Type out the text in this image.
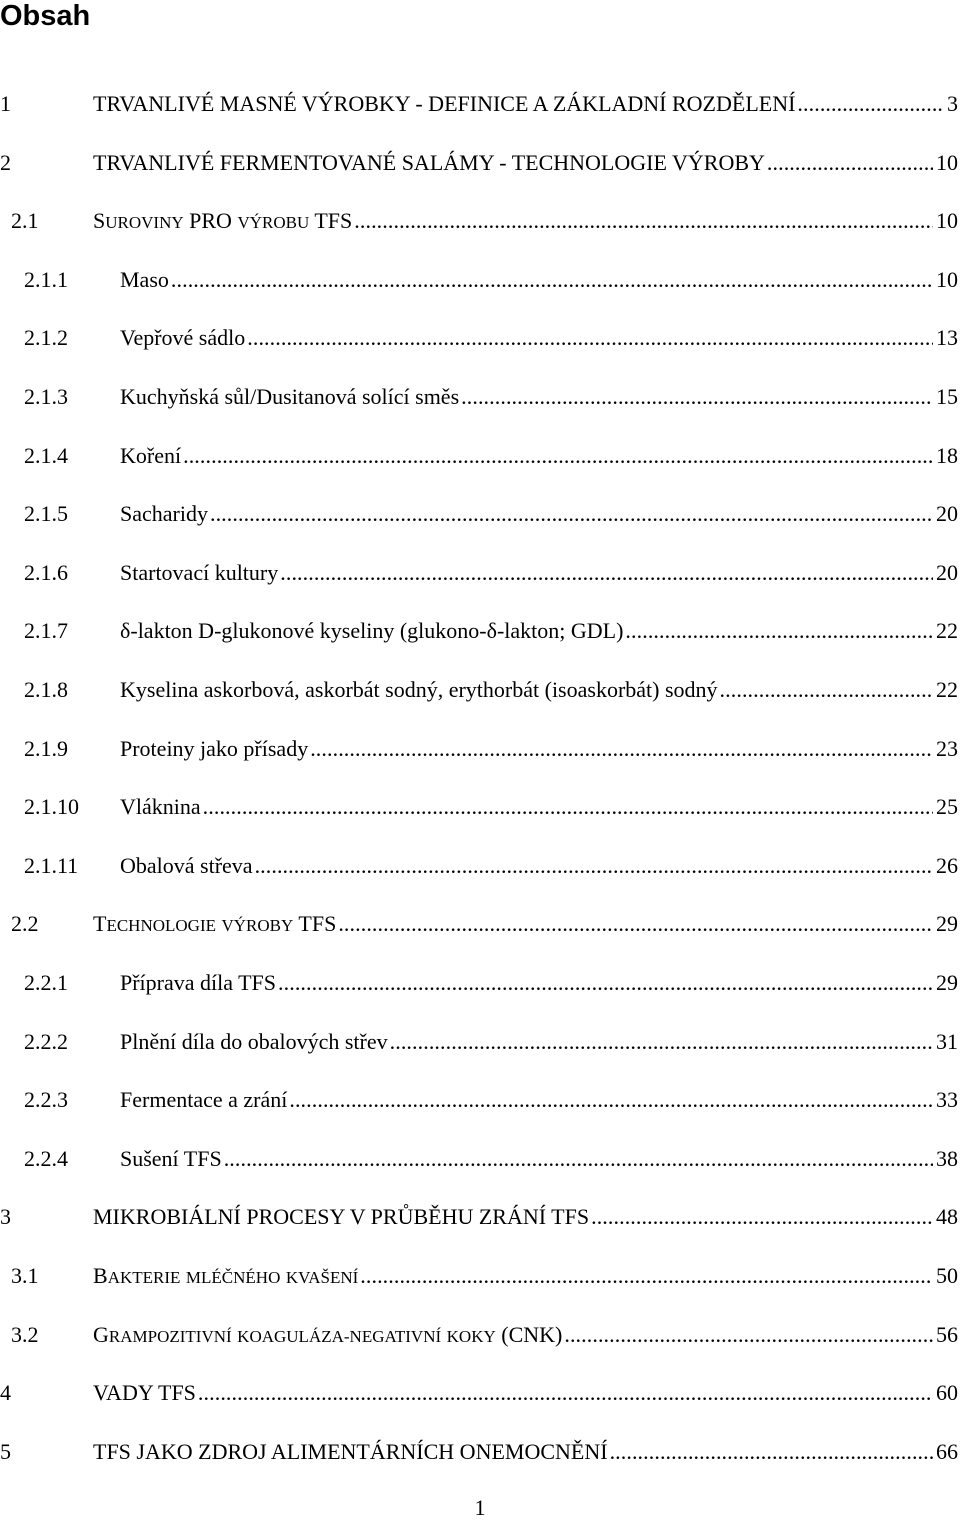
Obsah
1	TRVANLIVÉ MASNÉ VÝROBKY - DEFINICE A ZÁKLADNÍ ROZDĚLENÍ .....	3
2	TRVANLIVÉ FERMENTOVANÉ SALÁMY - TECHNOLOGIE VÝROBY .....	10
2.1 SUROVINY PRO VÝROBU TFS .....	10
2.1.1 Maso .....	10
2.1.2 Vepřové sádlo .....	13
2.1.3 Kuchyňská sůl/Dusitanová solící směs .....	15
2.1.4 Koření .....	18
2.1.5 Sacharidy .....	20
2.1.6 Startovací kultury .....	20
2.1.7 δ-lakton D-glukonové kyseliny (glukono-δ-lakton; GDL) .....	22
2.1.8 Kyselina askorbová, askorbát sodný, erythorbát (isoaskorbát) sodný .....	22
2.1.9 Proteiny jako přísady .....	23
2.1.10 Vláknina .....	25
2.1.11 Obalová střeva .....	26
2.2 TECHNOLOGIE VÝROBY TFS .....	29
2.2.1 Příprava díla TFS .....	29
2.2.2 Plnění díla do obalových střev .....	31
2.2.3 Fermentace a zrání .....	33
2.2.4 Sušení TFS .....	38
3	MIKROBIÁLNÍ PROCESY V PRŮBĚHU ZRÁNÍ TFS .....	48
3.1 BAKTERIE MLÉČNÉHO KVAŠENÍ .....	50
3.2 GRAMPOZITIVNÍ KOAGULÁZA-NEGATIVNÍ KOKY (CNK) .....	56
4	VADY TFS .....	60
5	TFS JAKO ZDROJ ALIMENTÁRNÍCH ONEMOCNĚNÍ .....	66
1
